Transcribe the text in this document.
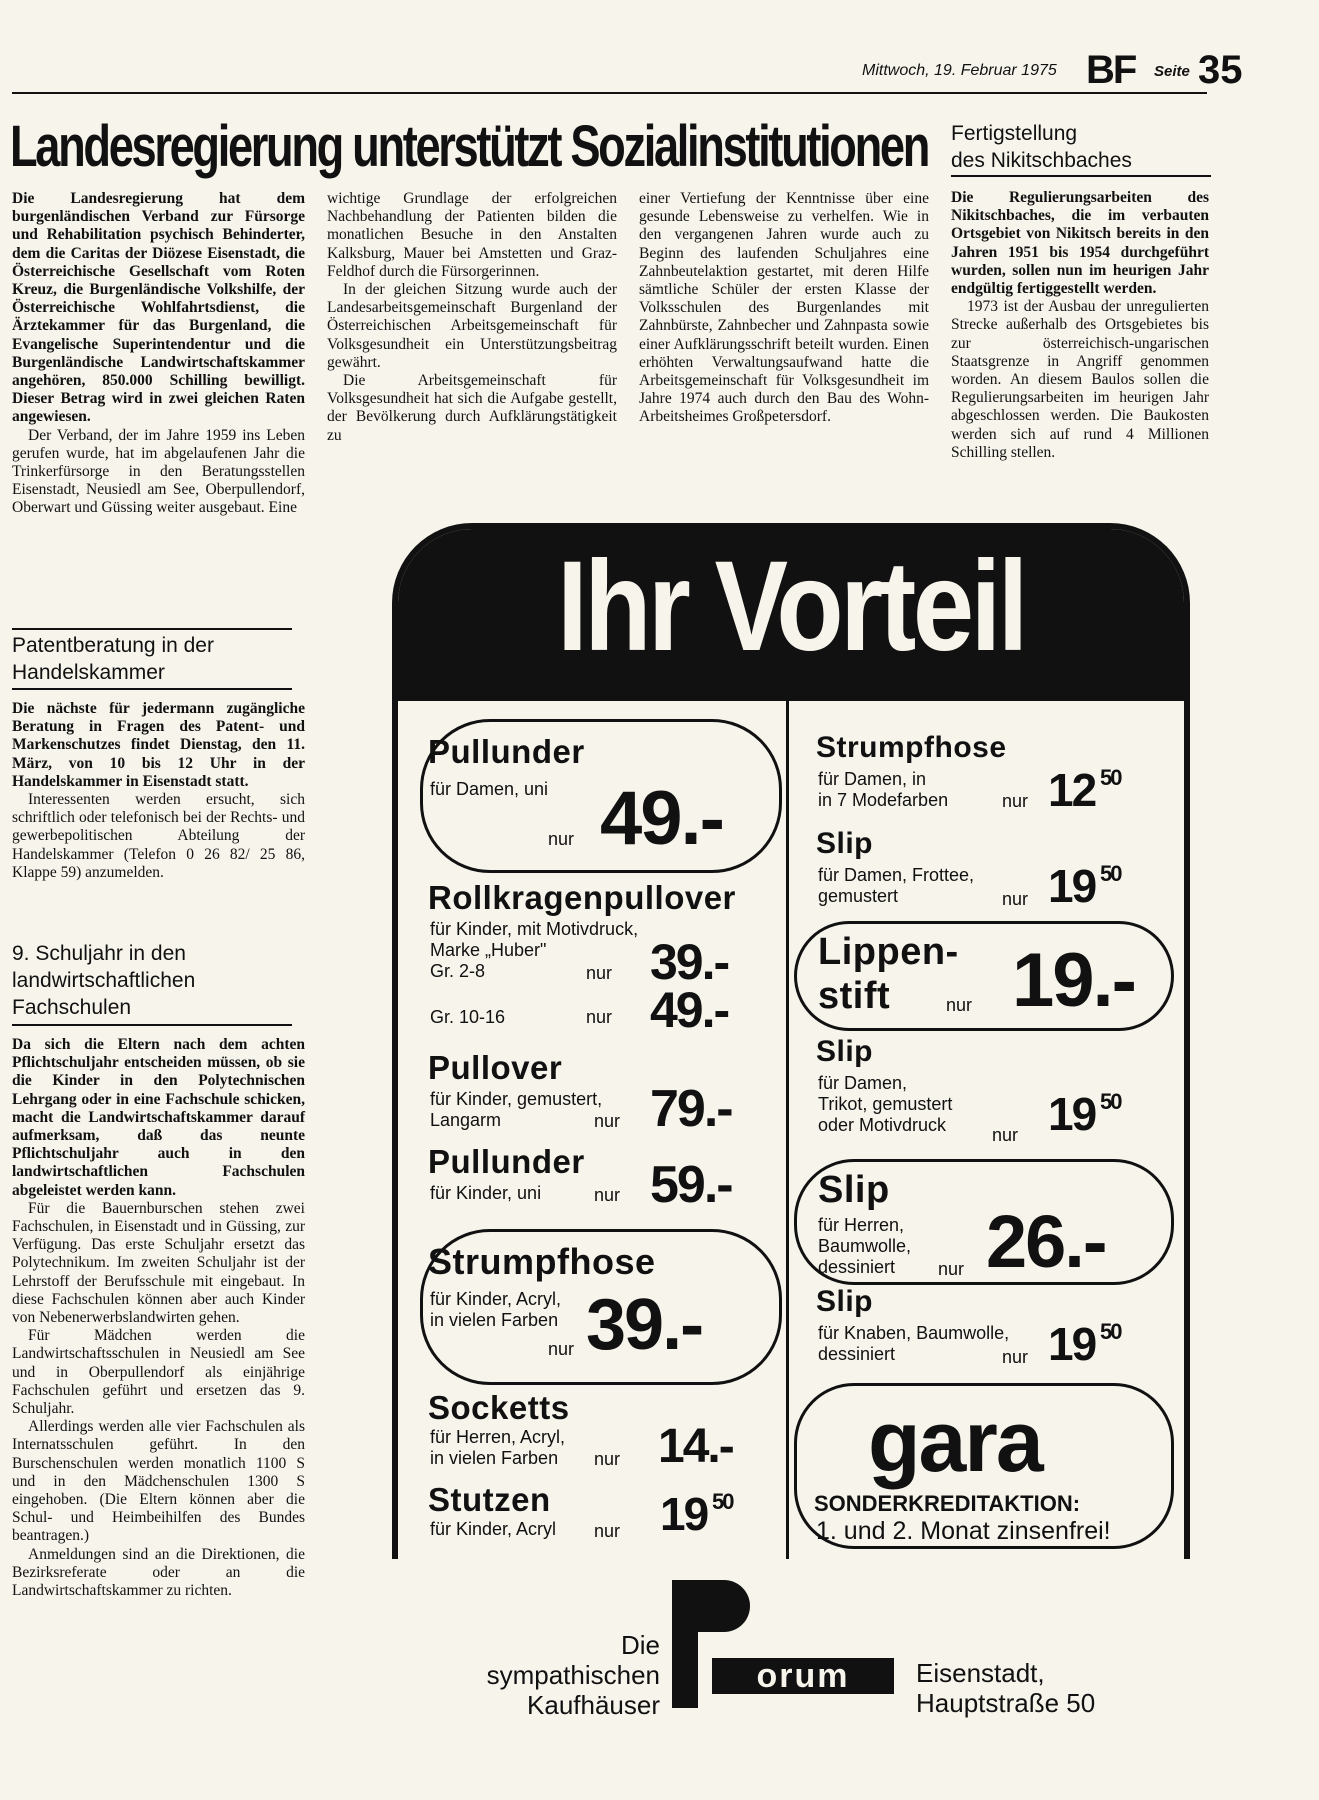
Mittwoch, 19. Februar 1975 BF Seite 35
Landesregierung unterstützt Sozialinstitutionen

Die Landesregierung hat dem burgenländischen Verband zur Fürsorge und Rehabilitation psychisch Behinderter, dem die Caritas der Diözese Eisenstadt, die Österreichische Gesellschaft vom Roten Kreuz, die Burgenländische Volkshilfe, der Österreichische Wohlfahrtsdienst, die Ärztekammer für das Burgenland, die Evangelische Superintendentur und die Burgenländische Landwirtschaftskammer angehören, 850.000 Schilling bewilligt. Dieser Betrag wird in zwei gleichen Raten angewiesen.

Der Verband, der im Jahre 1959 ins Leben gerufen wurde, hat im abgelaufenen Jahr die Trinkerfürsorge in den Beratungsstellen Eisenstadt, Neusiedl am See, Oberpullendorf, Oberwart und Güssing weiter ausgebaut. Eine

wichtige Grundlage der erfolgreichen Nachbehandlung der Patienten bilden die monatlichen Besuche in den Anstalten Kalksburg, Mauer bei Amstetten und Graz-Feldhof durch die Fürsorgerinnen.

In der gleichen Sitzung wurde auch der Landesarbeitsgemeinschaft Burgenland der Österreichischen Arbeitsgemeinschaft für Volksgesundheit ein Unterstützungsbeitrag gewährt.

Die Arbeitsgemeinschaft für Volksgesundheit hat sich die Aufgabe gestellt, der Bevölkerung durch Aufklärungstätigkeit zu

einer Vertiefung der Kenntnisse über eine gesunde Lebensweise zu verhelfen. Wie in den vergangenen Jahren wurde auch zu Beginn des laufenden Schuljahres eine Zahnbeutelaktion gestartet, mit deren Hilfe sämtliche Schüler der ersten Klasse der Volksschulen des Burgenlandes mit Zahnbürste, Zahnbecher und Zahnpasta sowie einer Aufklärungsschrift beteilt wurden. Einen erhöhten Verwaltungsaufwand hatte die Arbeitsgemeinschaft für Volksgesundheit im Jahre 1974 auch durch den Bau des Wohn-Arbeitsheimes Großpetersdorf.

Fertigstellung
des Nikitschbaches

Die Regulierungsarbeiten des Nikitschbaches, die im verbauten Ortsgebiet von Nikitsch bereits in den Jahren 1951 bis 1954 durchgeführt wurden, sollen nun im heurigen Jahr endgültig fertiggestellt werden.

1973 ist der Ausbau der unregulierten Strecke außerhalb des Ortsgebietes bis zur österreichisch-ungarischen Staatsgrenze in Angriff genommen worden. An diesem Baulos sollen die Regulierungsarbeiten im heurigen Jahr abgeschlossen werden. Die Baukosten werden sich auf rund 4 Millionen Schilling stellen.

Patentberatung in der
Handelskammer

Die nächste für jedermann zugängliche Beratung in Fragen des Patent- und Markenschutzes findet Dienstag, den 11. März, von 10 bis 12 Uhr in der Handelskammer in Eisenstadt statt.

Interessenten werden ersucht, sich schriftlich oder telefonisch bei der Rechts- und gewerbepolitischen Abteilung der Handelskammer (Telefon 0 26 82/ 25 86, Klappe 59) anzumelden.

9. Schuljahr in den
landwirtschaftlichen
Fachschulen

Da sich die Eltern nach dem achten Pflichtschuljahr entscheiden müssen, ob sie die Kinder in den Polytechnischen Lehrgang oder in eine Fachschule schicken, macht die Landwirtschaftskammer darauf aufmerksam, daß das neunte Pflichtschuljahr auch in den landwirtschaftlichen Fachschulen abgeleistet werden kann.

Für die Bauernburschen stehen zwei Fachschulen, in Eisenstadt und in Güssing, zur Verfügung. Das erste Schuljahr ersetzt das Polytechnikum. Im zweiten Schuljahr ist der Lehrstoff der Berufsschule mit eingebaut. In diese Fachschulen können aber auch Kinder von Nebenerwerbslandwirten gehen.

Für Mädchen werden die Landwirtschaftsschulen in Neusiedl am See und in Oberpullendorf als einjährige Fachschulen geführt und ersetzen das 9. Schuljahr.

Allerdings werden alle vier Fachschulen als Internatsschulen geführt. In den Burschenschulen werden monatlich 1100 S und in den Mädchenschulen 1300 S eingehoben. (Die Eltern können aber die Schul- und Heimbeihilfen des Bundes beantragen.)

Anmeldungen sind an die Direktionen, die Bezirksreferate oder an die Landwirtschaftskammer zu richten.

Ihr Vorteil
Pullunder
für Damen, uni
nur 49.-
Rollkragenpullover
für Kinder, mit Motivdruck,
Marke „Huber"
Gr. 2-8	nur 39.-
Gr. 10-16	nur 49.-
Pullover
für Kinder, gemustert,
Langarm	nur 79.-
Pullunder
für Kinder, uni	nur 59.-
Strumpfhose
für Kinder, Acryl,
in vielen Farben
nur 39.-
Socketts
für Herren, Acryl,
in vielen Farben nur 14.-
Stutzen
für Kinder, Acryl nur 19 50
Strumpfhose
für Damen, in
in 7 Modefarben	nur 12 50
Slip
für Damen, Frottee,
gemustert	nur 19 50
Lippen-
stift	nur 19.-
Slip
für Damen,
Trikot, gemustert
oder Motivdruck	nur 19 50
Slip
für Herren,
Baumwolle,
dessiniert nur 26.-
Slip
für Knaben, Baumwolle,
dessiniert	nur 19 50
gara
SONDERKREDITAKTION:
1. und 2. Monat zinsenfrei!
Die
sympathischen
Kaufhäuser
orum	Eisenstadt,
Hauptstraße 50
